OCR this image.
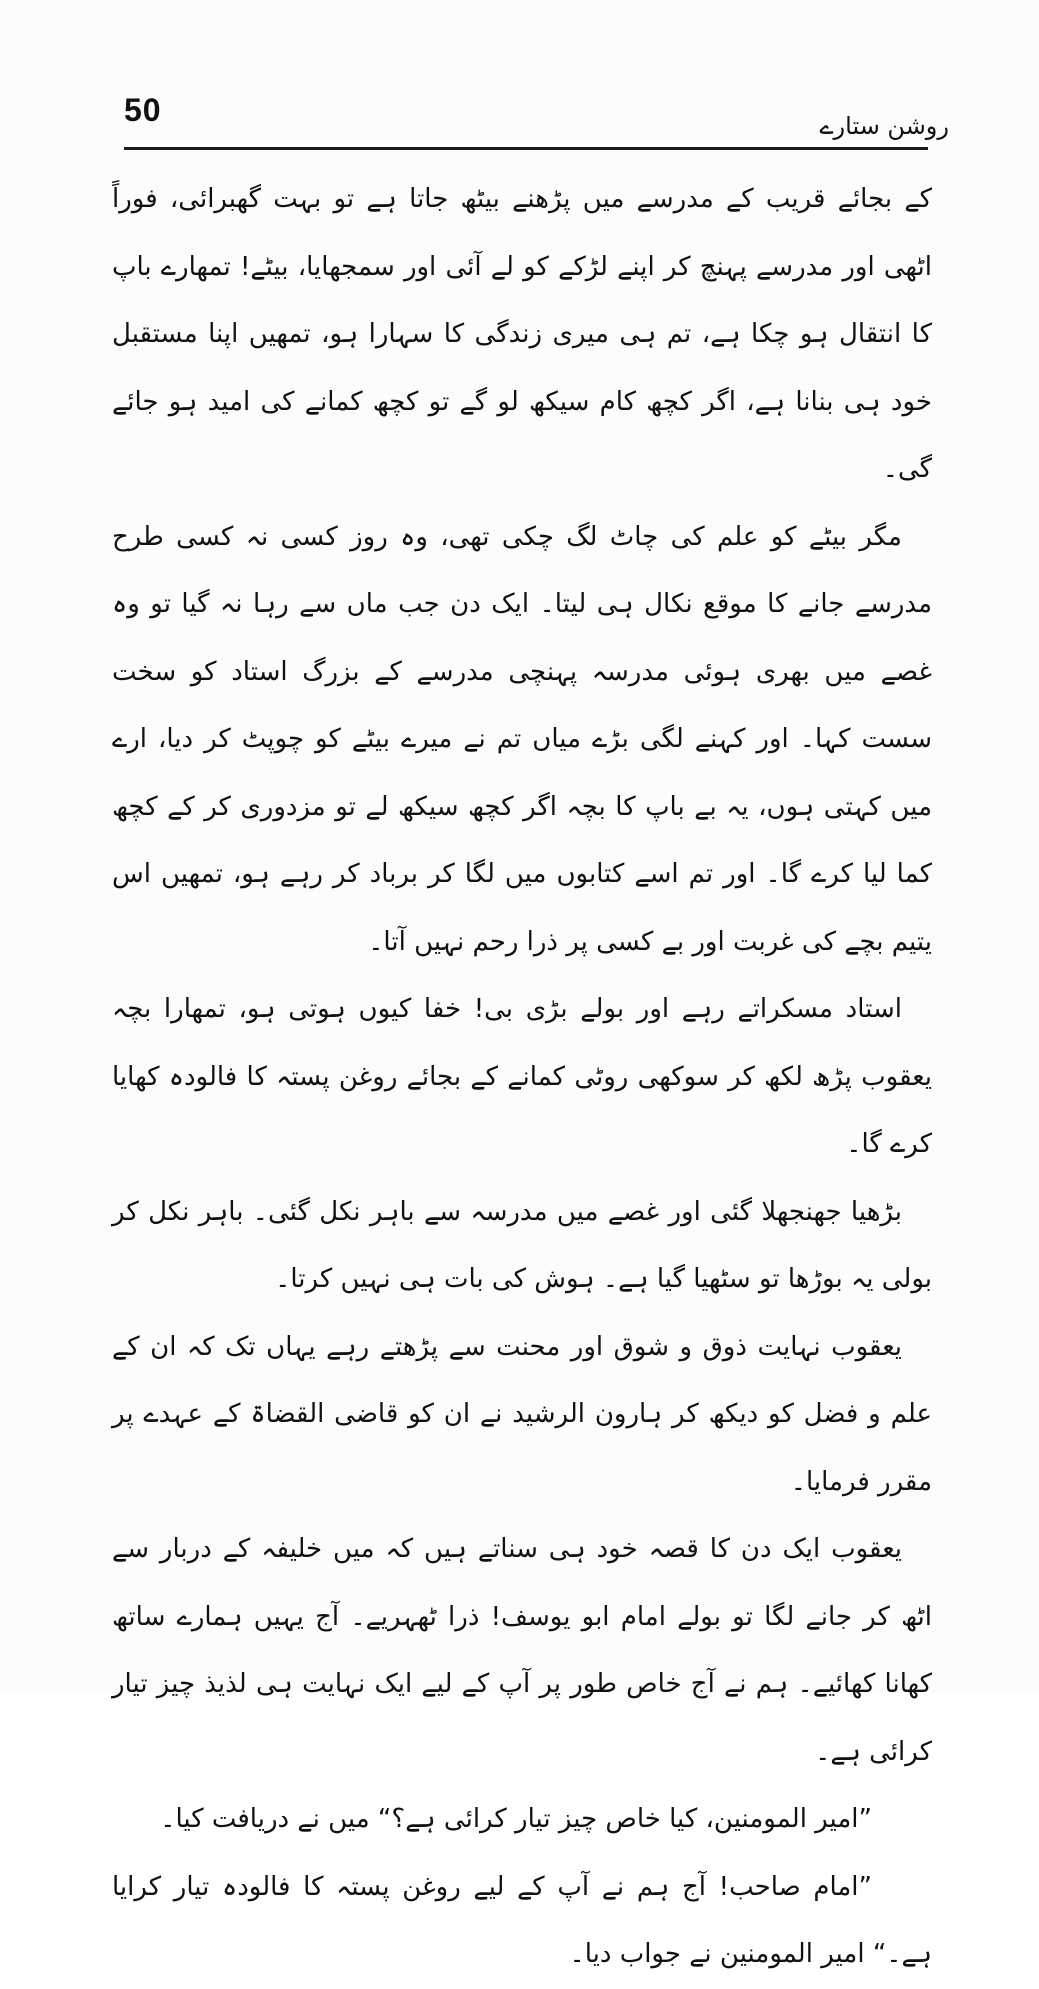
50	روشن ستارے

کے بجائے قریب کے مدرسے میں پڑھنے بیٹھ جاتا ہے تو بہت گھبرائی، فوراً اٹھی اور مدرسے پہنچ کر اپنے لڑکے کو لے آئی اور سمجھایا، بیٹے! تمھارے باپ کا انتقال ہو چکا ہے، تم ہی میری زندگی کا سہارا ہو، تمھیں اپنا مستقبل خود ہی بنانا ہے، اگر کچھ کام سیکھ لو گے تو کچھ کمانے کی امید ہو جائے گی۔

مگر بیٹے کو علم کی چاٹ لگ چکی تھی، وہ روز کسی نہ کسی طرح مدرسے جانے کا موقع نکال ہی لیتا۔ ایک دن جب ماں سے رہا نہ گیا تو وہ غصے میں بھری ہوئی مدرسہ پہنچی مدرسے کے بزرگ استاد کو سخت سست کہا۔ اور کہنے لگی بڑے میاں تم نے میرے بیٹے کو چوپٹ کر دیا، ارے میں کہتی ہوں، یہ بے باپ کا بچہ اگر کچھ سیکھ لے تو مزدوری کر کے کچھ کما لیا کرے گا۔ اور تم اسے کتابوں میں لگا کر برباد کر رہے ہو، تمھیں اس یتیم بچے کی غربت اور بے کسی پر ذرا رحم نہیں آتا۔

استاد مسکراتے رہے اور بولے بڑی بی! خفا کیوں ہوتی ہو، تمھارا بچہ یعقوب پڑھ لکھ کر سوکھی روٹی کمانے کے بجائے روغن پستہ کا فالودہ کھایا کرے گا۔

بڑھیا جھنجھلا گئی اور غصے میں مدرسہ سے باہر نکل گئی۔ باہر نکل کر بولی یہ بوڑھا تو سٹھیا گیا ہے۔ ہوش کی بات ہی نہیں کرتا۔

یعقوب نہایت ذوق و شوق اور محنت سے پڑھتے رہے یہاں تک کہ ان کے علم و فضل کو دیکھ کر ہارون الرشید نے ان کو قاضی القضاۃ کے عہدے پر مقرر فرمایا۔

یعقوب ایک دن کا قصہ خود ہی سناتے ہیں کہ میں خلیفہ کے دربار سے اٹھ کر جانے لگا تو بولے امام ابو یوسف! ذرا ٹھہریے۔ آج یہیں ہمارے ساتھ کھانا کھائیے۔ ہم نے آج خاص طور پر آپ کے لیے ایک نہایت ہی لذیذ چیز تیار کرائی ہے۔

”امیر المومنین، کیا خاص چیز تیار کرائی ہے؟“ میں نے دریافت کیا۔

”امام صاحب! آج ہم نے آپ کے لیے روغن پستہ کا فالودہ تیار کرایا ہے۔“ امیر المومنین نے جواب دیا۔
